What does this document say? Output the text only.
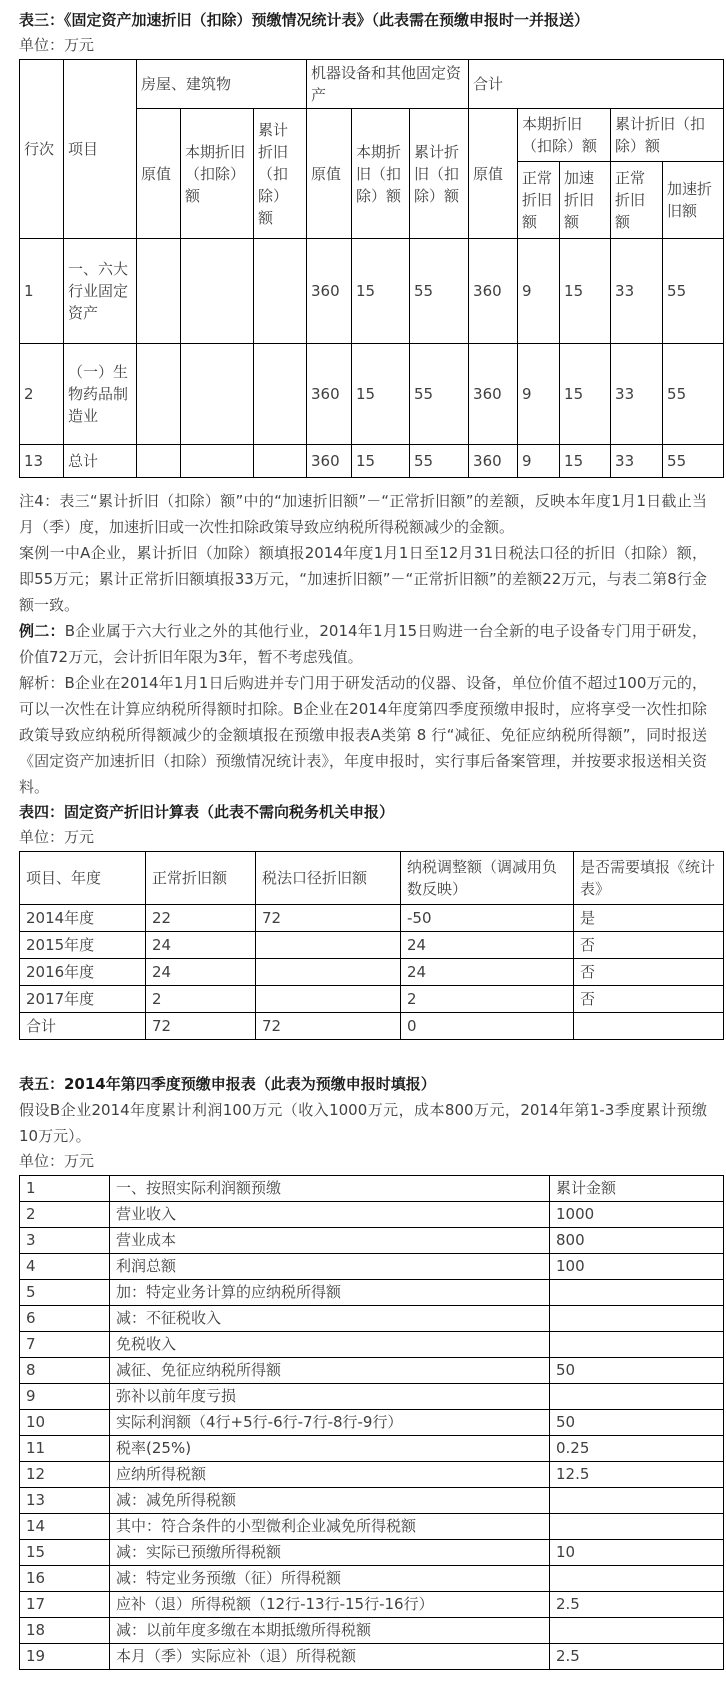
表三：《固定资产加速折旧（扣除）预缴情况统计表》（此表需在预缴申报时一并报送）

单位：万元

行次	项目	房屋、建筑物			机器设备和其他固定资产			合计				
		原值	本期折旧（扣除）额	累计折旧（扣除）额	原值	本期折旧（扣除）额	累计折旧（扣除）额	原值	本期折旧（扣除）额		累计折旧（扣除）额	
									正常折旧额	加速折旧额	正常折旧额	加速折旧额
1	一、六大行业固定资产				360	15	55	360	9	15	33	55
2	（一）生物药品制造业				360	15	55	360	9	15	33	55
13	总计				360	15	55	360	9	15	33	55

注4：表三“累计折旧（扣除）额”中的“加速折旧额”－“正常折旧额”的差额，反映本年度1月1日截止当月（季）度，加速折旧或一次性扣除政策导致应纳税所得税额减少的金额。

案例一中A企业，累计折旧（加除）额填报2014年度1月1日至12月31日税法口径的折旧（扣除）额，即55万元；累计正常折旧额填报33万元，“加速折旧额”－“正常折旧额”的差额22万元，与表二第8行金额一致。

例二：B企业属于六大行业之外的其他行业，2014年1月15日购进一台全新的电子设备专门用于研发，价值72万元，会计折旧年限为3年，暂不考虑残值。

解析：B企业在2014年1月1日后购进并专门用于研发活动的仪器、设备，单位价值不超过100万元的，可以一次性在计算应纳税所得额时扣除。B企业在2014年度第四季度预缴申报时，应将享受一次性扣除政策导致应纳税所得额减少的金额填报在预缴申报表A类第 8 行“减征、免征应纳税所得额”，同时报送《固定资产加速折旧（扣除）预缴情况统计表》，年度申报时，实行事后备案管理，并按要求报送相关资料。

表四：固定资产折旧计算表（此表不需向税务机关申报）

单位：万元

项目、年度	正常折旧额	税法口径折旧额	纳税调整额（调减用负数反映）	是否需要填报《统计表》
2014年度	22	72	-50	是
2015年度	24		24	否
2016年度	24		24	否
2017年度	2		2	否
合计	72	72	0	

表五：2014年第四季度预缴申报表（此表为预缴申报时填报）

假设B企业2014年度累计利润100万元（收入1000万元，成本800万元，2014年第1-3季度累计预缴10万元）。

单位：万元

1	一、按照实际利润额预缴	累计金额
2	营业收入	1000
3	营业成本	800
4	利润总额	100
5	加：特定业务计算的应纳税所得额	
6	减：不征税收入	
7	免税收入	
8	减征、免征应纳税所得额	50
9	弥补以前年度亏损	
10	实际利润额（4行+5行-6行-7行-8行-9行）	50
11	税率(25%)	0.25
12	应纳所得税额	12.5
13	减：减免所得税额	
14	其中：符合条件的小型微利企业减免所得税额	
15	减：实际已预缴所得税额	10
16	减：特定业务预缴（征）所得税额	
17	应补（退）所得税额（12行-13行-15行-16行）	2.5
18	减：以前年度多缴在本期抵缴所得税额	
19	本月（季）实际应补（退）所得税额	2.5
